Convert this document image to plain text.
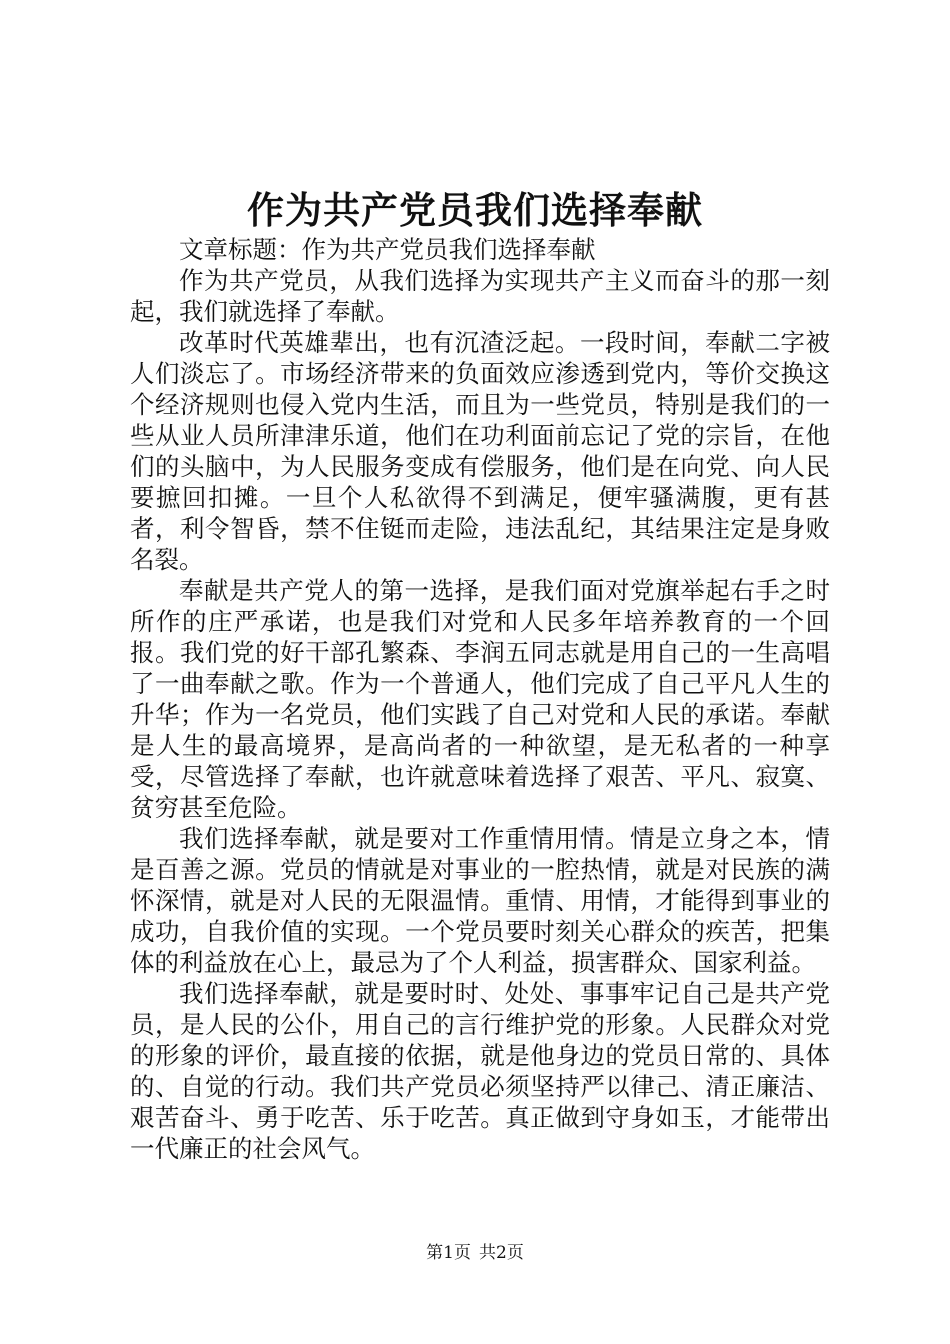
作为共产党员我们选择奉献

文章标题：作为共产党员我们选择奉献

作为共产党员，从我们选择为实现共产主义而奋斗的那一刻起，我们就选择了奉献。

改革时代英雄辈出，也有沉渣泛起。一段时间，奉献二字被人们淡忘了。市场经济带来的负面效应渗透到党内，等价交换这个经济规则也侵入党内生活，而且为一些党员，特别是我们的一些从业人员所津津乐道，他们在功利面前忘记了党的宗旨，在他们的头脑中，为人民服务变成有偿服务，他们是在向党、向人民要摭回扣摊。一旦个人私欲得不到满足，便牢骚满腹，更有甚者，利令智昏，禁不住铤而走险，违法乱纪，其结果注定是身败名裂。

奉献是共产党人的第一选择，是我们面对党旗举起右手之时所作的庄严承诺，也是我们对党和人民多年培养教育的一个回报。我们党的好干部孔繁森、李润五同志就是用自己的一生高唱了一曲奉献之歌。作为一个普通人，他们完成了自己平凡人生的升华；作为一名党员，他们实践了自己对党和人民的承诺。奉献是人生的最高境界，是高尚者的一种欲望，是无私者的一种享受，尽管选择了奉献，也许就意味着选择了艰苦、平凡、寂寞、贫穷甚至危险。

我们选择奉献，就是要对工作重情用情。情是立身之本，情是百善之源。党员的情就是对事业的一腔热情，就是对民族的满怀深情，就是对人民的无限温情。重情、用情，才能得到事业的成功，自我价值的实现。一个党员要时刻关心群众的疾苦，把集体的利益放在心上，最忌为了个人利益，损害群众、国家利益。

我们选择奉献，就是要时时、处处、事事牢记自己是共产党员，是人民的公仆，用自己的言行维护党的形象。人民群众对党的形象的评价，最直接的依据，就是他身边的党员日常的、具体的、自觉的行动。我们共产党员必须坚持严以律己、清正廉洁、艰苦奋斗、勇于吃苦、乐于吃苦。真正做到守身如玉，才能带出一代廉正的社会风气。

第1页 共2页
